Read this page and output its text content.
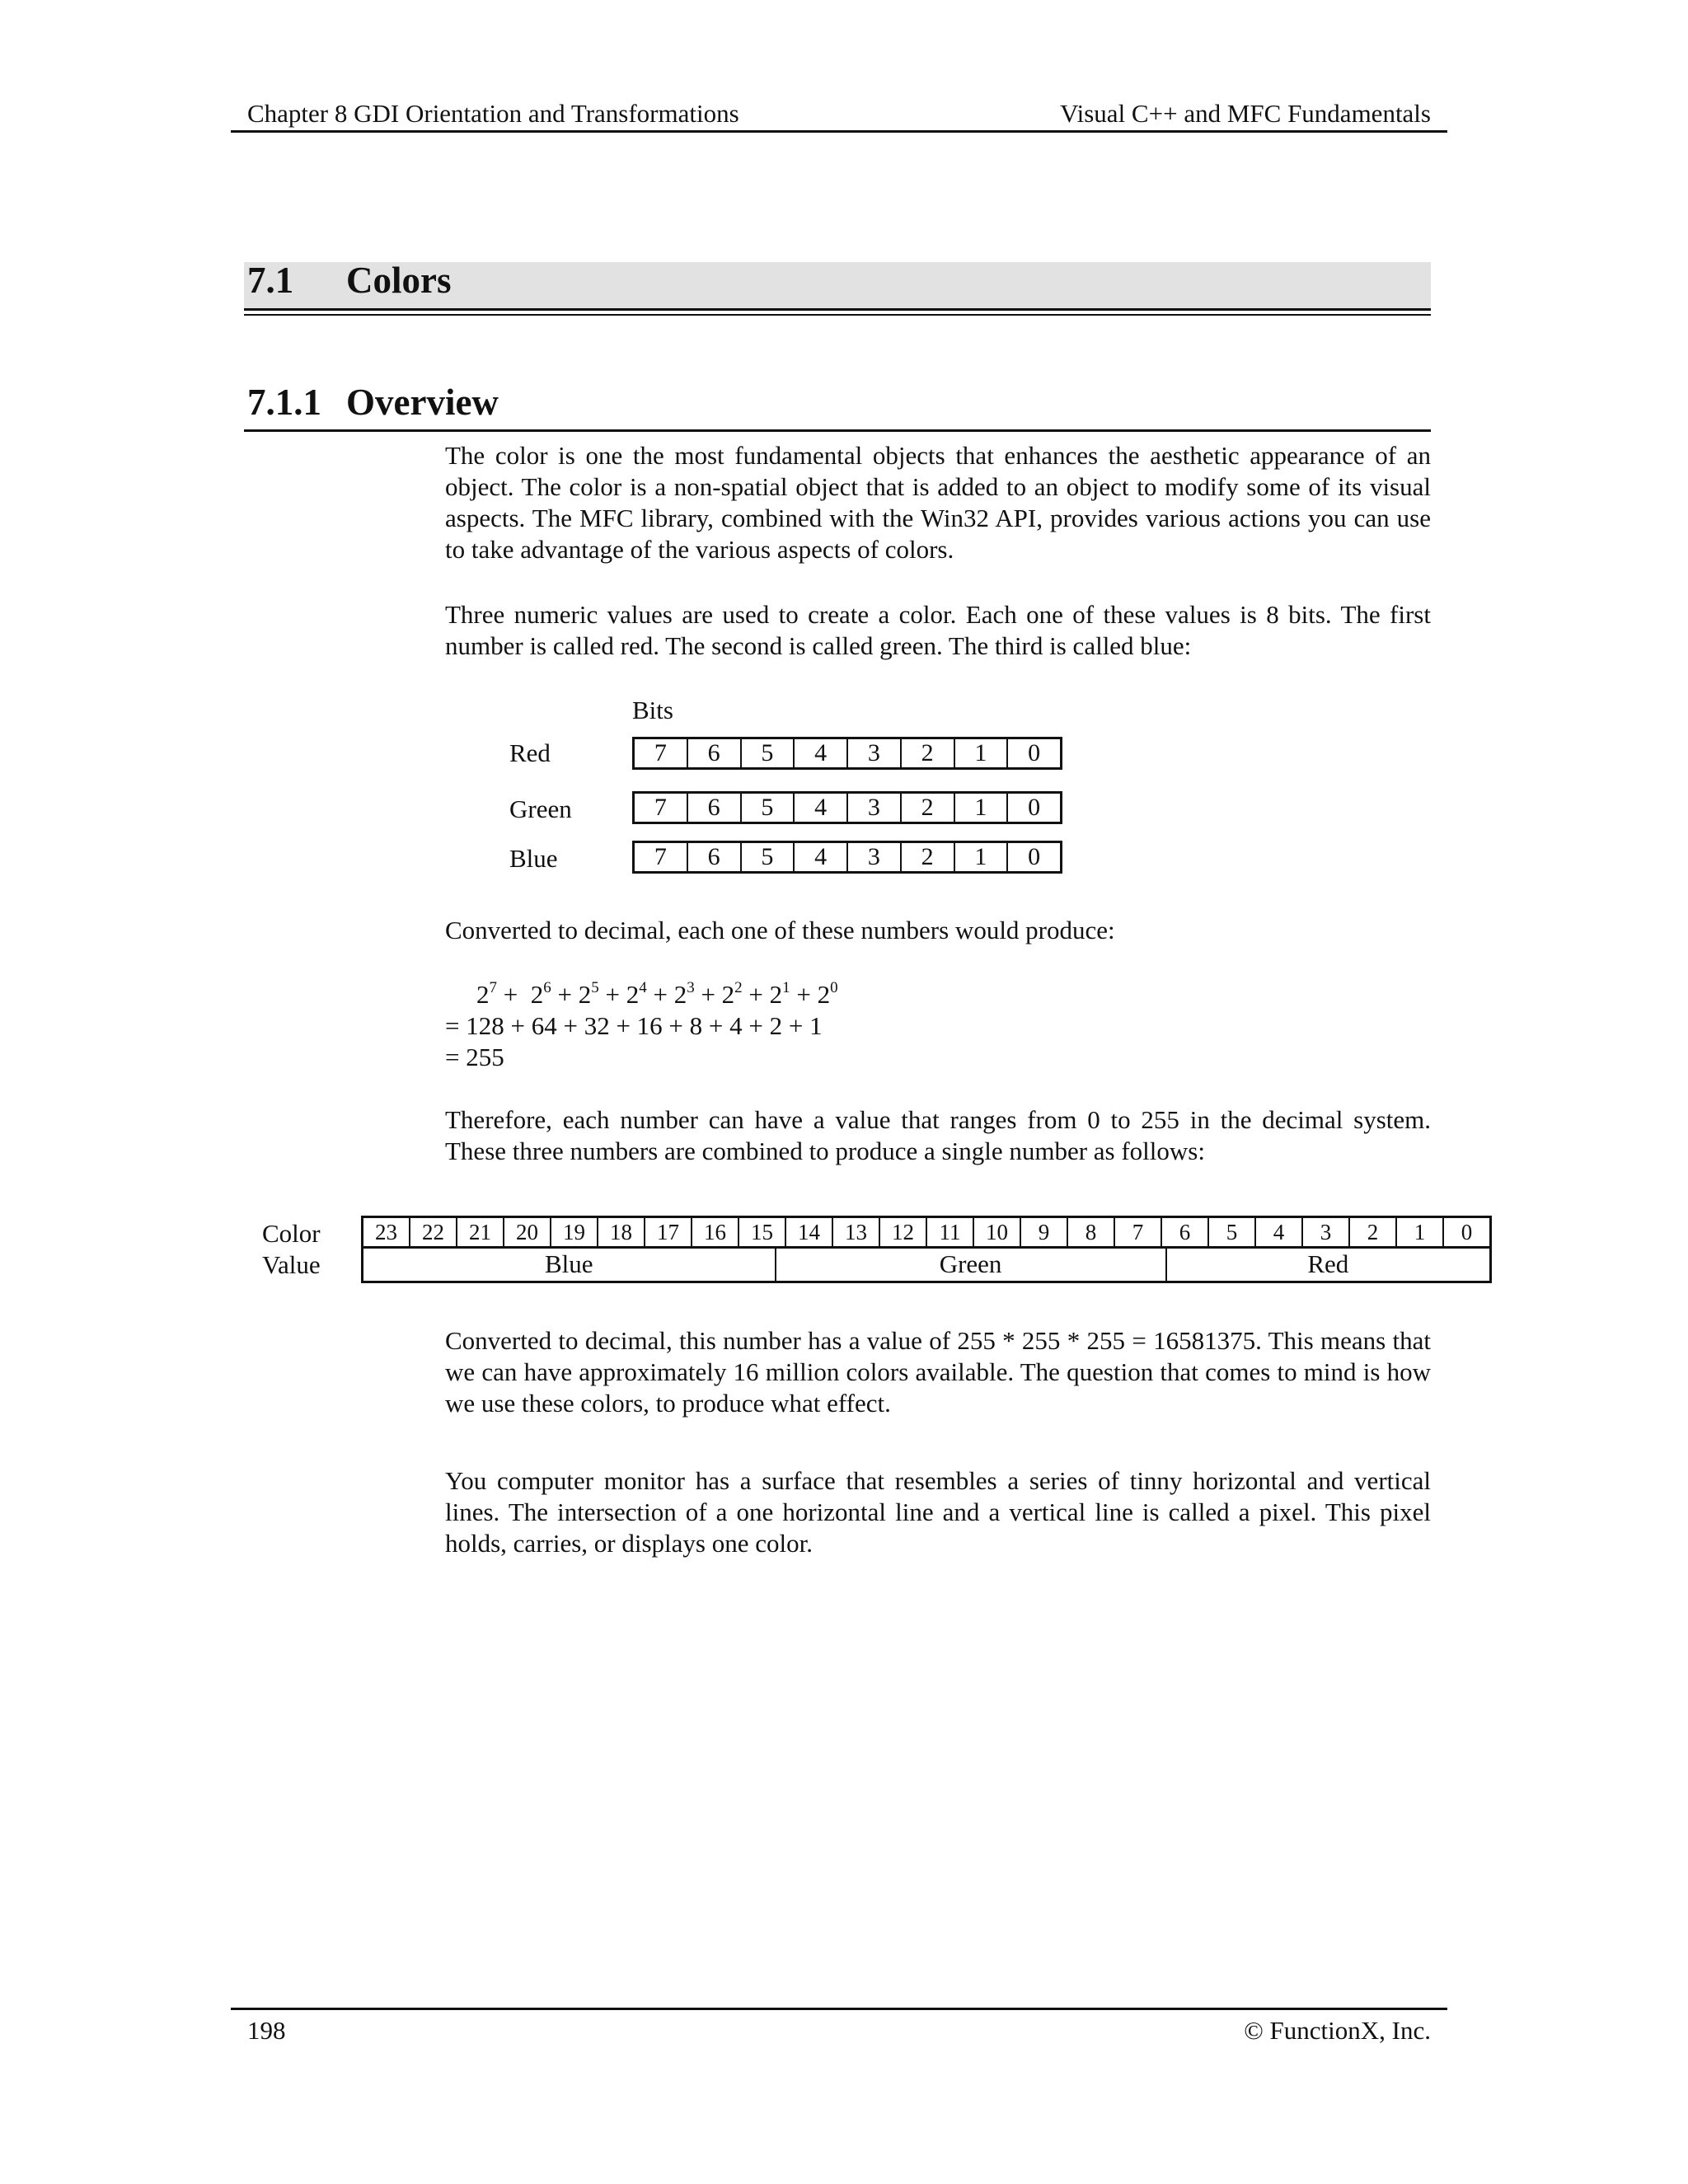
Chapter 8 GDI Orientation and Transformations	Visual C++ and MFC Fundamentals
7.1 Colors
7.1.1 Overview

The color is one the most fundamental objects that enhances the aesthetic appearance of an object. The color is a non-spatial object that is added to an object to modify some of its visual aspects. The MFC library, combined with the Win32 API, provides various actions you can use to take advantage of the various aspects of colors.

Three numeric values are used to create a color. Each one of these values is 8 bits. The first number is called red. The second is called green. The third is called blue:

Bits
Red	7	6	5	4	3	2	1	0
Green	7	6	5	4	3	2	1	0
Blue	7	6	5	4	3	2	1	0

Converted to decimal, each one of these numbers would produce:

$2^7 + 2^6 + 2^5 + 2^4 + 2^3 + 2^2 + 2^1 + 2^0$
= 128 + 64 + 32 + 16 + 8 + 4 + 2 + 1
= 255

Therefore, each number can have a value that ranges from 0 to 255 in the decimal system. These three numbers are combined to produce a single number as follows:

Color
Value
23	22	21	20	19	18	17	16	15	14	13	12	11	10	9	8	7	6	5	4	3	2	1	0
Blue	Green	Red

Converted to decimal, this number has a value of 255 * 255 * 255 = 16581375. This means that we can have approximately 16 million colors available. The question that comes to mind is how we use these colors, to produce what effect.

You computer monitor has a surface that resembles a series of tinny horizontal and vertical lines. The intersection of a one horizontal line and a vertical line is called a pixel. This pixel holds, carries, or displays one color.

198	© FunctionX, Inc.
